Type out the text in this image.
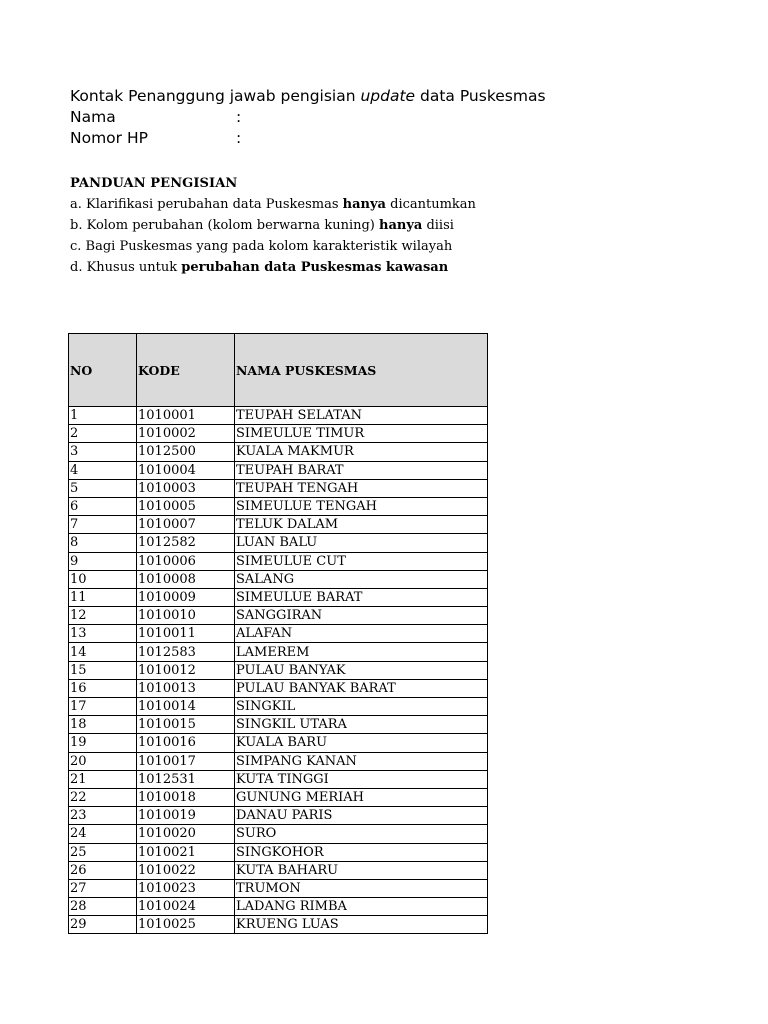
Kontak Penanggung jawab pengisian update data Puskesmas
Nama	:
Nomor HP	:
PANDUAN PENGISIAN
a. Klarifikasi perubahan data Puskesmas hanya dicantumkan
b. Kolom perubahan (kolom berwarna kuning) hanya diisi
c. Bagi Puskesmas yang pada kolom karakteristik wilayah
d. Khusus untuk perubahan data Puskesmas kawasan
NO	KODE	NAMA PUSKESMAS
1	1010001	TEUPAH SELATAN
2	1010002	SIMEULUE TIMUR
3	1012500	KUALA MAKMUR
4	1010004	TEUPAH BARAT
5	1010003	TEUPAH TENGAH
6	1010005	SIMEULUE TENGAH
7	1010007	TELUK DALAM
8	1012582	LUAN BALU
9	1010006	SIMEULUE CUT
10	1010008	SALANG
11	1010009	SIMEULUE BARAT
12	1010010	SANGGIRAN
13	1010011	ALAFAN
14	1012583	LAMEREM
15	1010012	PULAU BANYAK
16	1010013	PULAU BANYAK BARAT
17	1010014	SINGKIL
18	1010015	SINGKIL UTARA
19	1010016	KUALA BARU
20	1010017	SIMPANG KANAN
21	1012531	KUTA TINGGI
22	1010018	GUNUNG MERIAH
23	1010019	DANAU PARIS
24	1010020	SURO
25	1010021	SINGKOHOR
26	1010022	KUTA BAHARU
27	1010023	TRUMON
28	1010024	LADANG RIMBA
29	1010025	KRUENG LUAS
